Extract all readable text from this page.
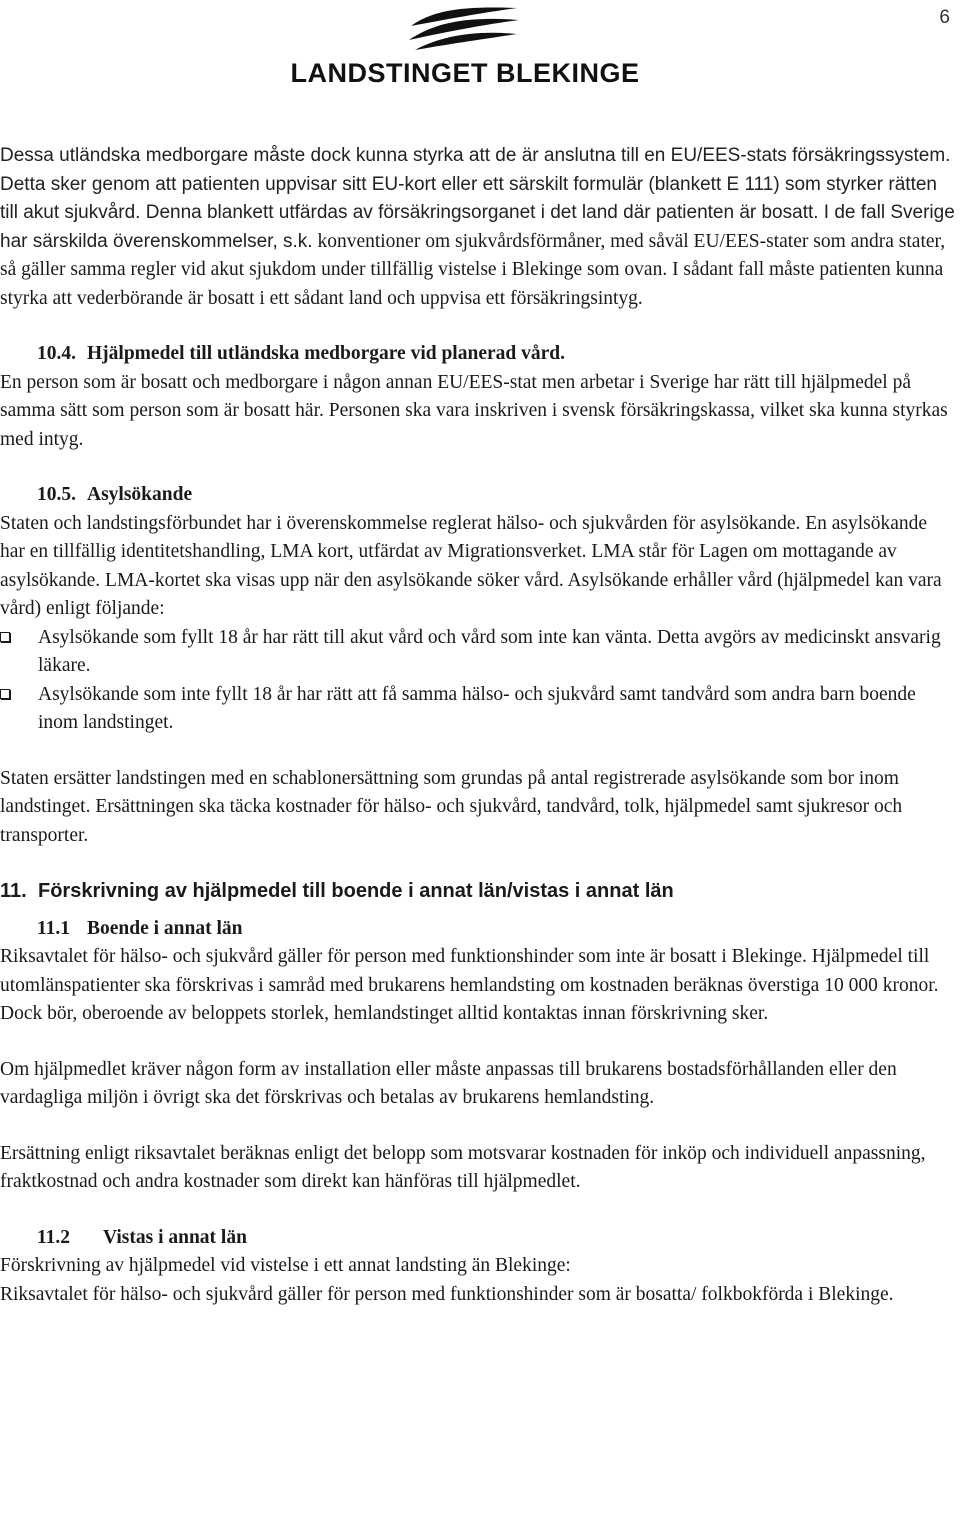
6
LANDSTINGET BLEKINGE

Dessa utländska medborgare måste dock kunna styrka att de är anslutna till en EU/EES-stats försäkringssystem. Detta sker genom att patienten uppvisar sitt EU-kort eller ett särskilt formulär (blankett E 111) som styrker rätten till akut sjukvård. Denna blankett utfärdas av försäkringsorganet i det land där patienten är bosatt. I de fall Sverige har särskilda överenskommelser, s.k. konventioner om sjukvårdsförmåner, med såväl EU/EES-stater som andra stater, så gäller samma regler vid akut sjukdom under tillfällig vistelse i Blekinge som ovan. I sådant fall måste patienten kunna styrka att vederbörande är bosatt i ett sådant land och uppvisa ett försäkringsintyg.

10.4. Hjälpmedel till utländska medborgare vid planerad vård.

En person som är bosatt och medborgare i någon annan EU/EES-stat men arbetar i Sverige har rätt till hjälpmedel på samma sätt som person som är bosatt här. Personen ska vara inskriven i svensk försäkringskassa, vilket ska kunna styrkas med intyg.

10.5. Asylsökande

Staten och landstingsförbundet har i överenskommelse reglerat hälso- och sjukvården för asylsökande. En asylsökande har en tillfällig identitetshandling, LMA kort, utfärdat av Migrationsverket. LMA står för Lagen om mottagande av asylsökande. LMA-kortet ska visas upp när den asylsökande söker vård. Asylsökande erhåller vård (hjälpmedel kan vara vård) enligt följande:

Asylsökande som fyllt 18 år har rätt till akut vård och vård som inte kan vänta. Detta avgörs av medicinskt ansvarig läkare.
Asylsökande som inte fyllt 18 år har rätt att få samma hälso- och sjukvård samt tandvård som andra barn boende inom landstinget.

Staten ersätter landstingen med en schablonersättning som grundas på antal registrerade asylsökande som bor inom landstinget. Ersättningen ska täcka kostnader för hälso- och sjukvård, tandvård, tolk, hjälpmedel samt sjukresor och transporter.

11. Förskrivning av hjälpmedel till boende i annat län/vistas i annat län
11.1 Boende i annat län

Riksavtalet för hälso- och sjukvård gäller för person med funktionshinder som inte är bosatt i Blekinge. Hjälpmedel till utomlänspatienter ska förskrivas i samråd med brukarens hemlandsting om kostnaden beräknas överstiga 10 000 kronor. Dock bör, oberoende av beloppets storlek, hemlandstinget alltid kontaktas innan förskrivning sker.

Om hjälpmedlet kräver någon form av installation eller måste anpassas till brukarens bostadsförhållanden eller den vardagliga miljön i övrigt ska det förskrivas och betalas av brukarens hemlandsting.

Ersättning enligt riksavtalet beräknas enligt det belopp som motsvarar kostnaden för inköp och individuell anpassning, fraktkostnad och andra kostnader som direkt kan hänföras till hjälpmedlet.

11.2 Vistas i annat län

Förskrivning av hjälpmedel vid vistelse i ett annat landsting än Blekinge:

Riksavtalet för hälso- och sjukvård gäller för person med funktionshinder som är bosatta/ folkbokförda i Blekinge.
